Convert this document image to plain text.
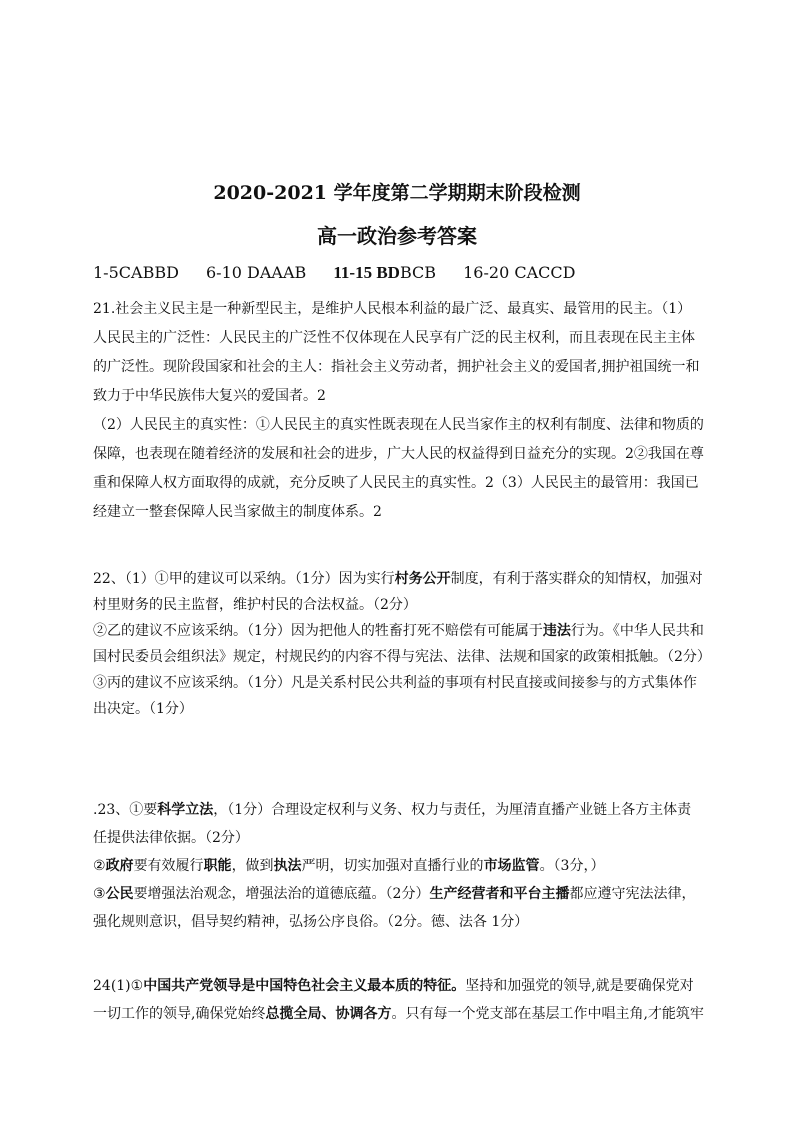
2020-2021 学年度第二学期期末阶段检测
高一政治参考答案
1-5CABBD 6-10 DAAAB 11-15 BDBCB 16-20 CACCD

21.社会主义民主是一种新型民主，是维护人民根本利益的最广泛、最真实、最管用的民主。（1）人民民主的广泛性：人民民主的广泛性不仅体现在人民享有广泛的民主权利，而且表现在民主主体的广泛性。现阶段国家和社会的主人：指社会主义劳动者，拥护社会主义的爱国者,拥护祖国统一和致力于中华民族伟大复兴的爱国者。2

（2）人民民主的真实性：①人民民主的真实性既表现在人民当家作主的权利有制度、法律和物质的保障，也表现在随着经济的发展和社会的进步，广大人民的权益得到日益充分的实现。2②我国在尊重和保障人权方面取得的成就，充分反映了人民民主的真实性。2（3）人民民主的最管用：我国已经建立一整套保障人民当家做主的制度体系。2

22、（1）①甲的建议可以采纳。（1分）因为实行村务公开制度，有利于落实群众的知情权，加强对村里财务的民主监督，维护村民的合法权益。（2分）

②乙的建议不应该采纳。（1分）因为把他人的牲畜打死不赔偿有可能属于违法行为。《中华人民共和国村民委员会组织法》规定，村规民约的内容不得与宪法、法律、法规和国家的政策相抵触。（2分）

③丙的建议不应该采纳。（1分）凡是关系村民公共利益的事项有村民直接或间接参与的方式集体作出决定。（1分）

.23、①要科学立法，（1分）合理设定权利与义务、权力与责任，为厘清直播产业链上各方主体责任提供法律依据。（2分）

②政府要有效履行职能，做到执法严明，切实加强对直播行业的市场监管。（3分，）

③公民要增强法治观念，增强法治的道德底蕴。（2分）生产经营者和平台主播都应遵守宪法法律，强化规则意识，倡导契约精神，弘扬公序良俗。（2分。德、法各 1分）

24(1)①中国共产党领导是中国特色社会主义最本质的特征。坚持和加强党的领导,就是要确保党对一切工作的领导,确保党始终总揽全局、协调各方。只有每一个党支部在基层工作中唱主角,才能筑牢
